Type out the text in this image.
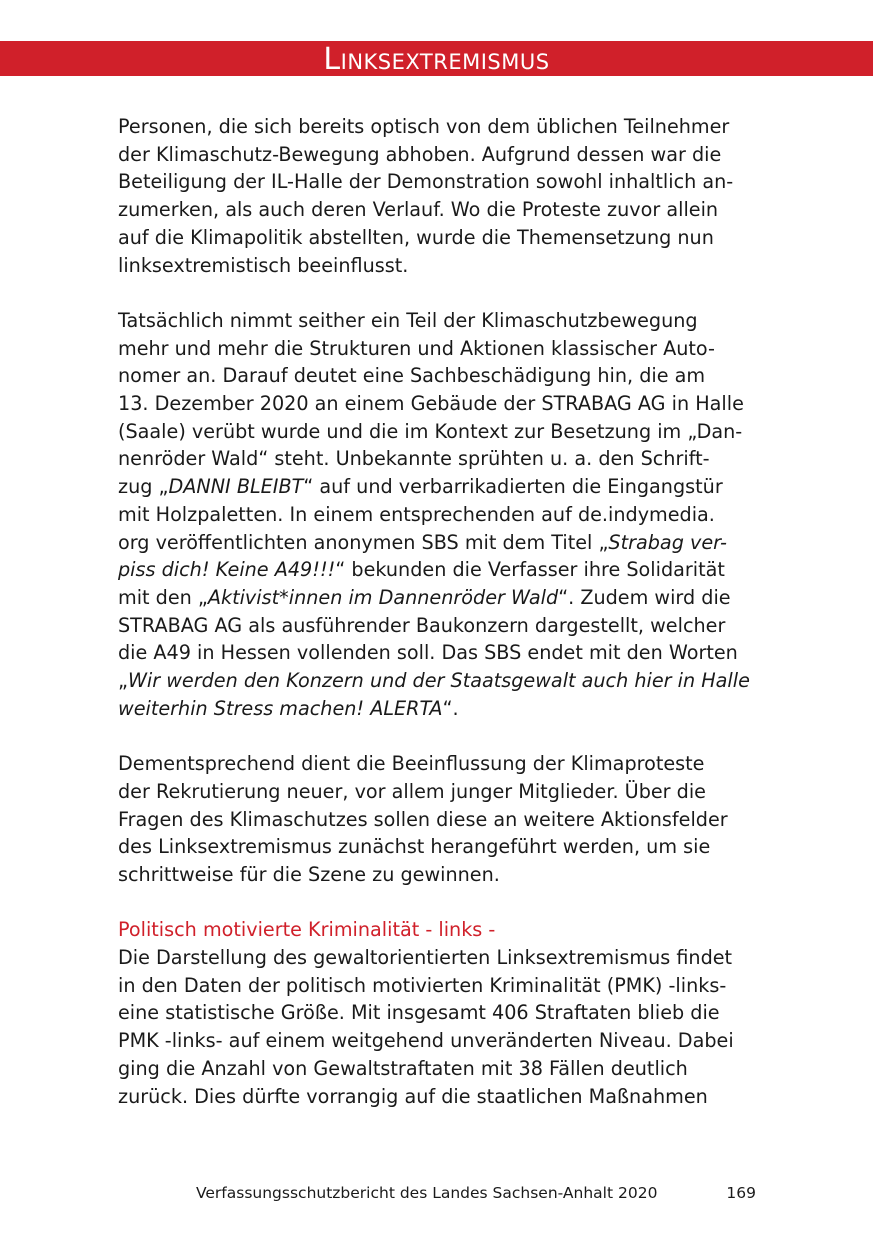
Linksextremismus

Personen, die sich bereits optisch von dem üblichen Teilnehmer
der Klimaschutz-Bewegung abhoben. Aufgrund dessen war die
Beteiligung der IL-Halle der Demonstration sowohl inhaltlich an-
zumerken, als auch deren Verlauf. Wo die Proteste zuvor allein
auf die Klimapolitik abstellten, wurde die Themensetzung nun
linksextremistisch beeinflusst.

Tatsächlich nimmt seither ein Teil der Klimaschutzbewegung
mehr und mehr die Strukturen und Aktionen klassischer Auto-
nomer an. Darauf deutet eine Sachbeschädigung hin, die am
13. Dezember 2020 an einem Gebäude der STRABAG AG in Halle
(Saale) verübt wurde und die im Kontext zur Besetzung im „Dan-
nenröder Wald“ steht. Unbekannte sprühten u. a. den Schrift-
zug „DANNI BLEIBT“ auf und verbarrikadierten die Eingangstür
mit Holzpaletten. In einem entsprechenden auf de.indymedia.
org veröffentlichten anonymen SBS mit dem Titel „Strabag ver-
piss dich! Keine A49!!!“ bekunden die Verfasser ihre Solidarität
mit den „Aktivist*innen im Dannenröder Wald“. Zudem wird die
STRABAG AG als ausführender Baukonzern dargestellt, welcher
die A49 in Hessen vollenden soll. Das SBS endet mit den Worten
„Wir werden den Konzern und der Staatsgewalt auch hier in Halle
weiterhin Stress machen! ALERTA“.

Dementsprechend dient die Beeinflussung der Klimaproteste
der Rekrutierung neuer, vor allem junger Mitglieder. Über die
Fragen des Klimaschutzes sollen diese an weitere Aktionsfelder
des Linksextremismus zunächst herangeführt werden, um sie
schrittweise für die Szene zu gewinnen.

Politisch motivierte Kriminalität - links -

Die Darstellung des gewaltorientierten Linksextremismus findet
in den Daten der politisch motivierten Kriminalität (PMK) -links-
eine statistische Größe. Mit insgesamt 406 Straftaten blieb die
PMK -links- auf einem weitgehend unveränderten Niveau. Dabei
ging die Anzahl von Gewaltstraftaten mit 38 Fällen deutlich
zurück. Dies dürfte vorrangig auf die staatlichen Maßnahmen

Verfassungsschutzbericht des Landes Sachsen-Anhalt 2020	169
